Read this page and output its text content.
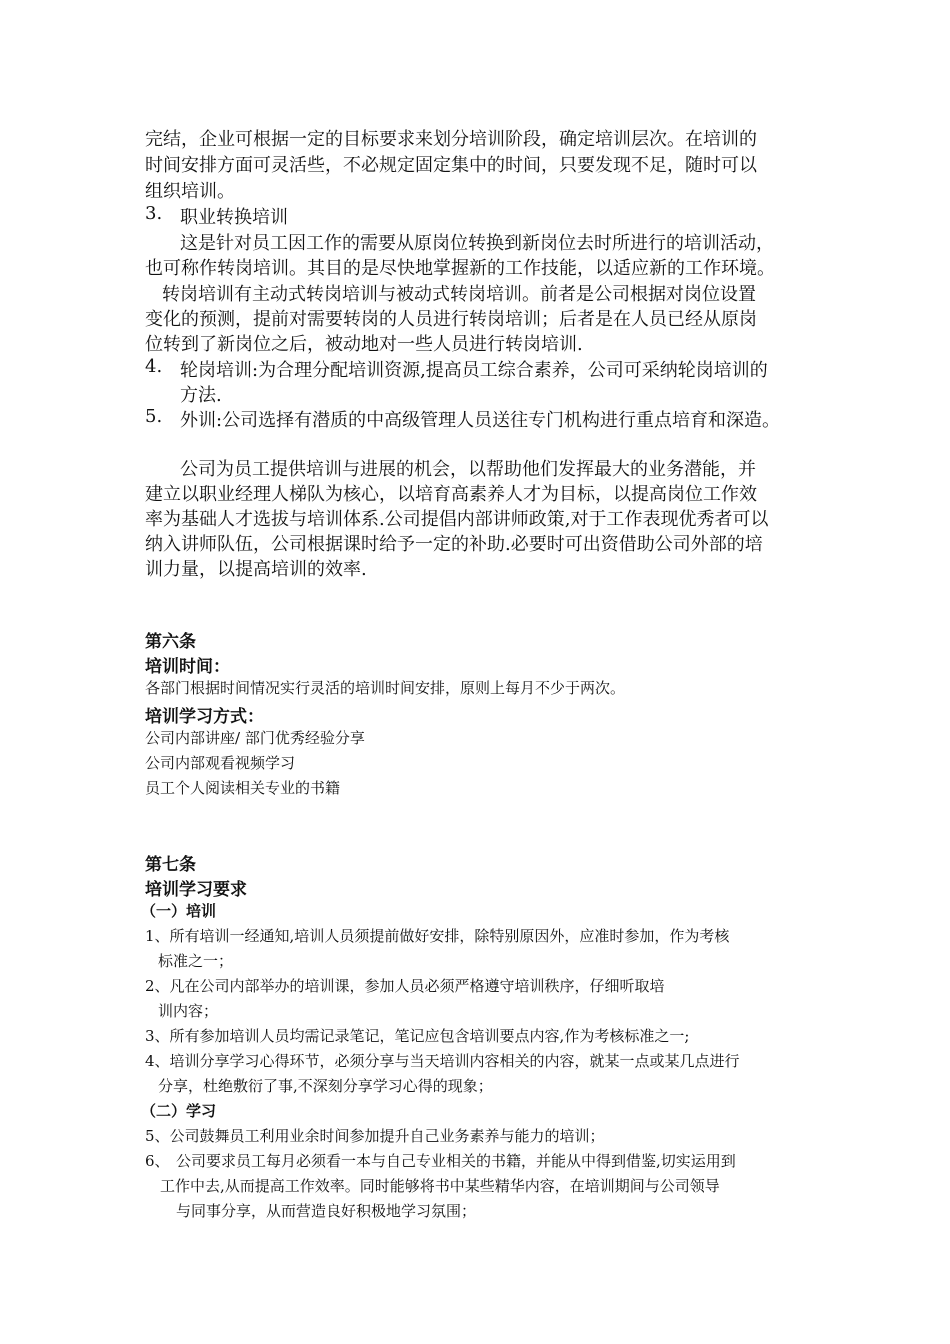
完结，企业可根据一定的目标要求来划分培训阶段，确定培训层次。在培训的
时间安排方面可灵活些，不必规定固定集中的时间，只要发现不足，随时可以
组织培训。
3. 职业转换培训
这是针对员工因工作的需要从原岗位转换到新岗位去时所进行的培训活动，
也可称作转岗培训。其目的是尽快地掌握新的工作技能，以适应新的工作环境。
转岗培训有主动式转岗培训与被动式转岗培训。前者是公司根据对岗位设置
变化的预测，提前对需要转岗的人员进行转岗培训；后者是在人员已经从原岗
位转到了新岗位之后，被动地对一些人员进行转岗培训.
4. 轮岗培训:为合理分配培训资源,提高员工综合素养，公司可采纳轮岗培训的
方法.
5. 外训:公司选择有潜质的中高级管理人员送往专门机构进行重点培育和深造。
公司为员工提供培训与进展的机会，以帮助他们发挥最大的业务潜能，并
建立以职业经理人梯队为核心，以培育高素养人才为目标，以提高岗位工作效
率为基础人才选拔与培训体系.公司提倡内部讲师政策,对于工作表现优秀者可以
纳入讲师队伍，公司根据课时给予一定的补助.必要时可出资借助公司外部的培
训力量，以提高培训的效率.
第六条
培训时间：
各部门根据时间情况实行灵活的培训时间安排，原则上每月不少于两次。
培训学习方式：
公司内部讲座/ 部门优秀经验分享
公司内部观看视频学习
员工个人阅读相关专业的书籍
第七条
培训学习要求
（一）培训
1、所有培训一经通知,培训人员须提前做好安排，除特别原因外，应准时参加，作为考核
标准之一；
2、凡在公司内部举办的培训课，参加人员必须严格遵守培训秩序，仔细听取培
训内容；
3、所有参加培训人员均需记录笔记，笔记应包含培训要点内容,作为考核标准之一;
4、培训分享学习心得环节，必须分享与当天培训内容相关的内容，就某一点或某几点进行
分享，杜绝敷衍了事,不深刻分享学习心得的现象；
（二）学习
5、公司鼓舞员工利用业余时间参加提升自己业务素养与能力的培训；
6、 公司要求员工每月必须看一本与自己专业相关的书籍，并能从中得到借鉴,切实运用到
工作中去,从而提高工作效率。同时能够将书中某些精华内容，在培训期间与公司领导
与同事分享，从而营造良好积极地学习氛围；
